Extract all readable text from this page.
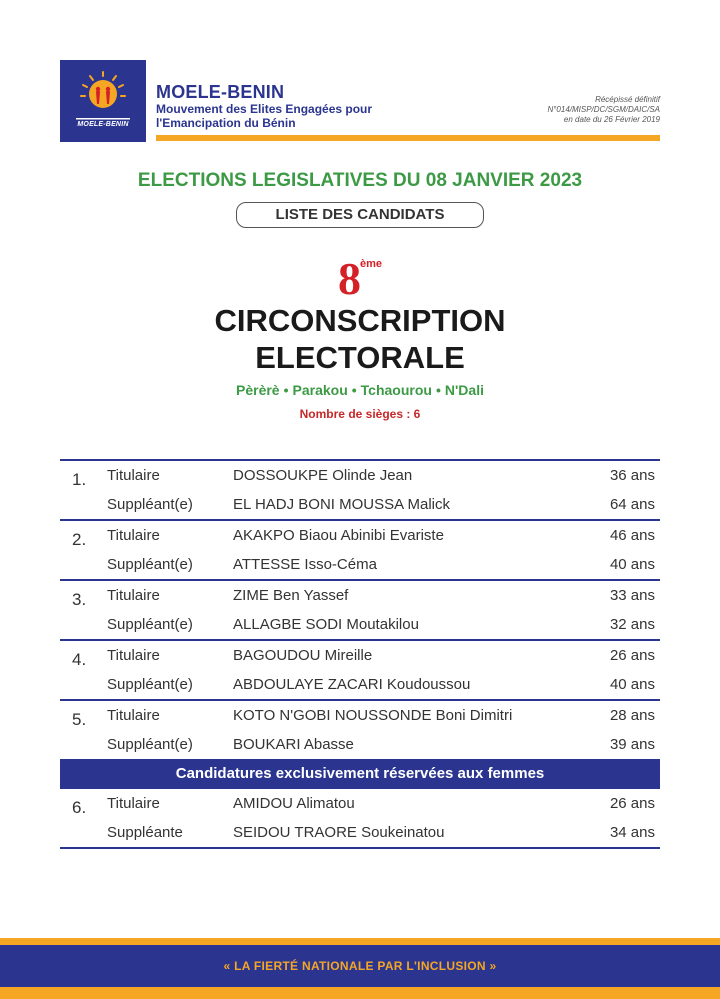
MOELE-BENIN
MOELE-BENIN
Mouvement des Elites Engagées pour
l'Emancipation du Bénin
Récépissé définitif
N°014/MISP/DC/SGM/DAIC/SA
en date du 26 Février 2019
ELECTIONS LEGISLATIVES DU 08 JANVIER 2023
LISTE DES CANDIDATS
8ème
CIRCONSCRIPTION
ELECTORALE
Pèrèrè • Parakou • Tchaourou • N'Dali
Nombre de sièges : 6
1. Titulaire	DOSSOUKPE Olinde Jean	36 ans
Suppléant(e)	EL HADJ BONI MOUSSA Malick	64 ans
2. Titulaire	AKAKPO Biaou Abinibi Evariste	46 ans
Suppléant(e)	ATTESSE Isso-Céma	40 ans
3. Titulaire	ZIME Ben Yassef	33 ans
Suppléant(e)	ALLAGBE SODI Moutakilou	32 ans
4. Titulaire	BAGOUDOU Mireille	26 ans
Suppléant(e)	ABDOULAYE ZACARI Koudoussou	40 ans
5. Titulaire	KOTO N'GOBI NOUSSONDE Boni Dimitri	28 ans
Suppléant(e)	BOUKARI Abasse	39 ans
Candidatures exclusivement réservées aux femmes
6. Titulaire	AMIDOU Alimatou	26 ans
Suppléante	SEIDOU TRAORE Soukeinatou	34 ans
« LA FIERTÉ NATIONALE PAR L'INCLUSION »
